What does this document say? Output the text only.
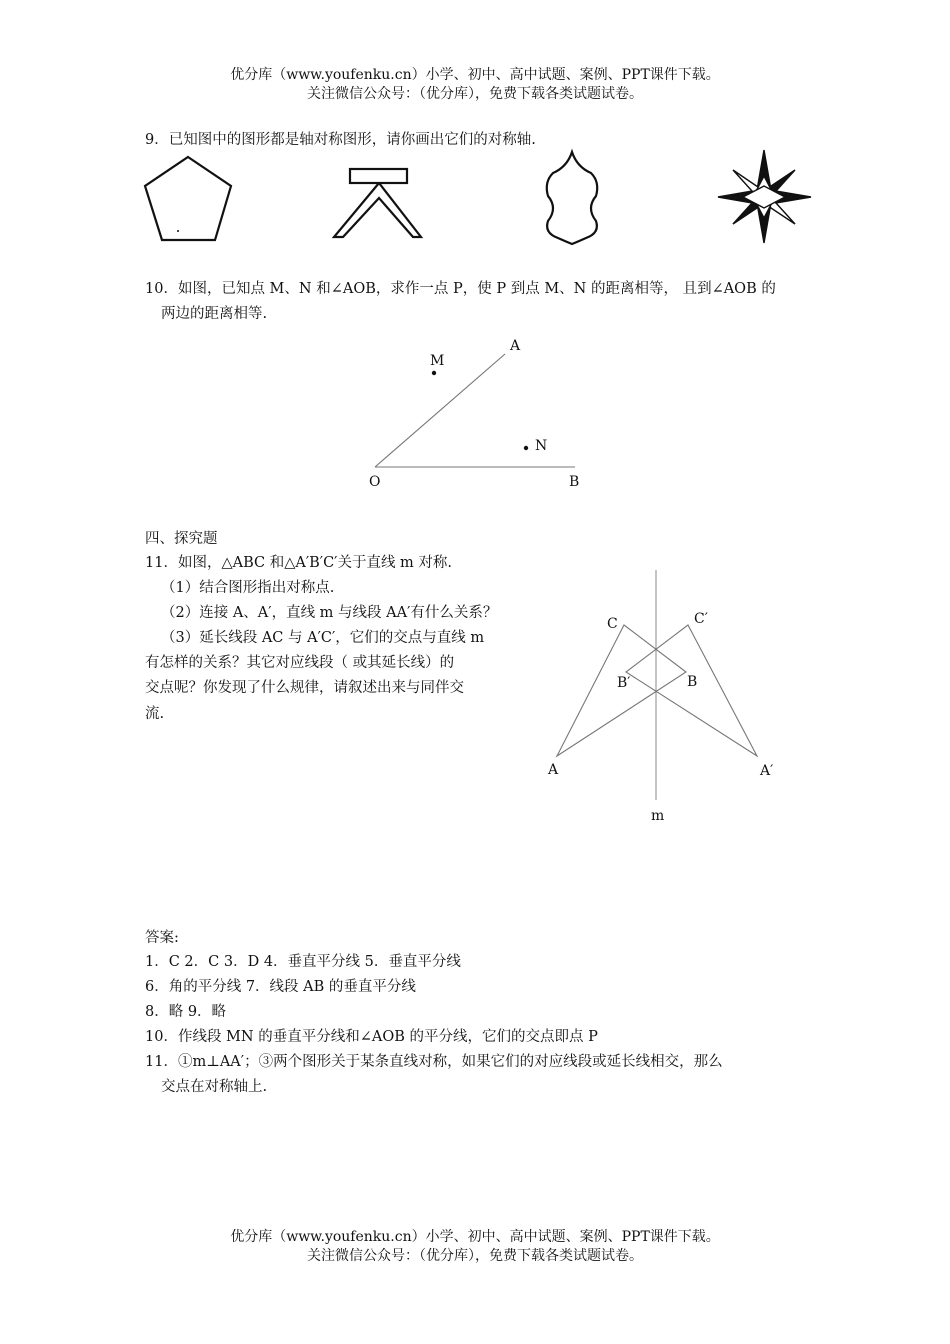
优分库（www.youfenku.cn）小学、初中、高中试题、案例、PPT课件下载。
关注微信公众号：（优分库），免费下载各类试题试卷。
9．已知图中的图形都是轴对称图形，请你画出它们的对称轴.
10．如图，已知点 M、N 和∠AOB，求作一点 P，使 P 到点 M、N 的距离相等， 且到∠AOB 的
两边的距离相等.
A
M
N
O	B
四、探究题
11．如图，△ABC 和△A′B′C′关于直线 m 对称.
（1）结合图形指出对称点.
（2）连接 A、A′，直线 m 与线段 AA′有什么关系？
（3）延长线段 AC 与 A′C′，它们的交点与直线 m
有怎样的关系？其它对应线段（ 或其延长线）的
交点呢？你发现了什么规律，请叙述出来与同伴交
流.
C	C′
B′	B
A	A′
m
答案:
1．C 2．C 3．D 4．垂直平分线 5．垂直平分线
6．角的平分线 7．线段 AB 的垂直平分线
8．略 9．略
10．作线段 MN 的垂直平分线和∠AOB 的平分线，它们的交点即点 P
11．①m⊥AA′；③两个图形关于某条直线对称，如果它们的对应线段或延长线相交，那么
交点在对称轴上.
优分库（www.youfenku.cn）小学、初中、高中试题、案例、PPT课件下载。
关注微信公众号：（优分库），免费下载各类试题试卷。
